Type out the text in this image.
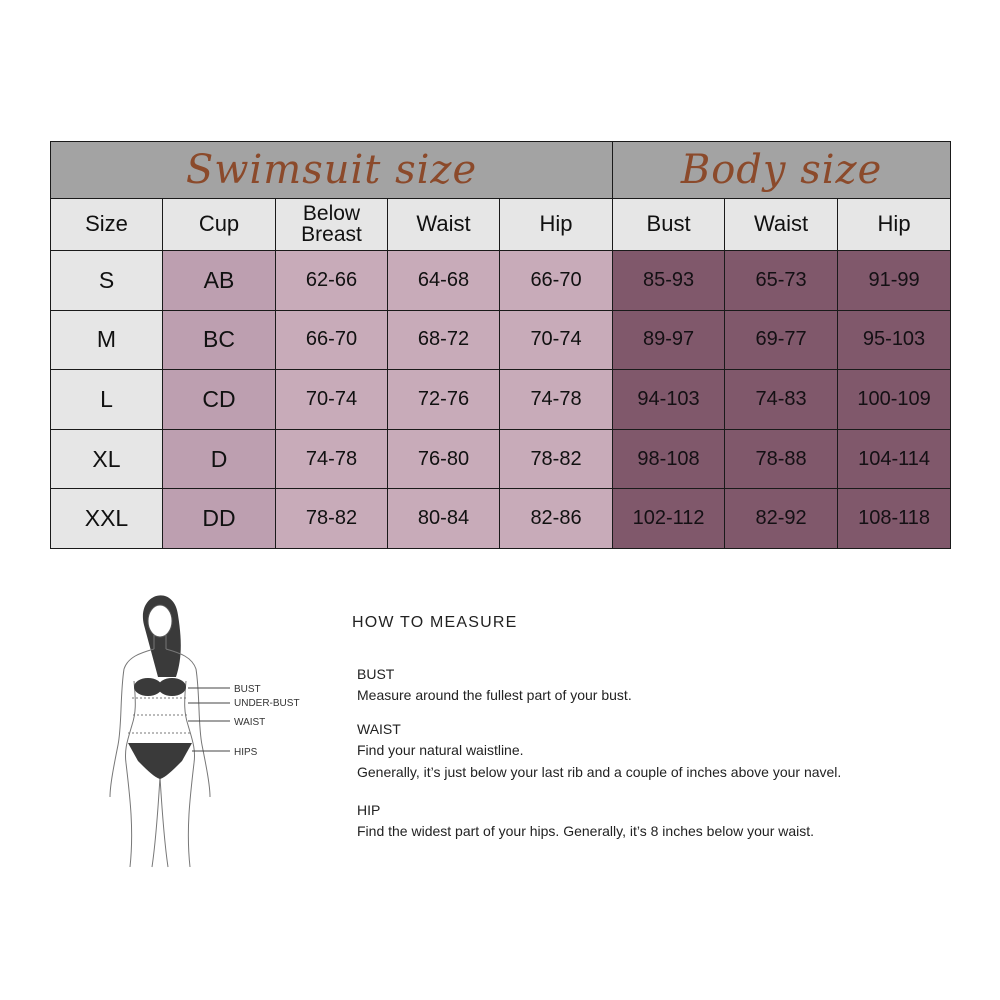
Swimsuit size					Body size		
Size	Cup	Below Breast	Waist	Hip	Bust	Waist	Hip
S	AB	62-66	64-68	66-70	85-93	65-73	91-99
M	BC	66-70	68-72	70-74	89-97	69-77	95-103
L	CD	70-74	72-76	74-78	94-103	74-83	100-109
XL	D	74-78	76-80	78-82	98-108	78-88	104-114
XXL	DD	78-82	80-84	82-86	102-112	82-92	108-118
BUST
UNDER-BUST
WAIST
HIPS
HOW TO MEASURE
BUST
Measure around the fullest part of your bust.
WAIST
Find your natural waistline.
Generally, it’s just below your last rib and a couple of inches above your navel.
HIP
Find the widest part of your hips. Generally, it’s 8 inches below your waist.
